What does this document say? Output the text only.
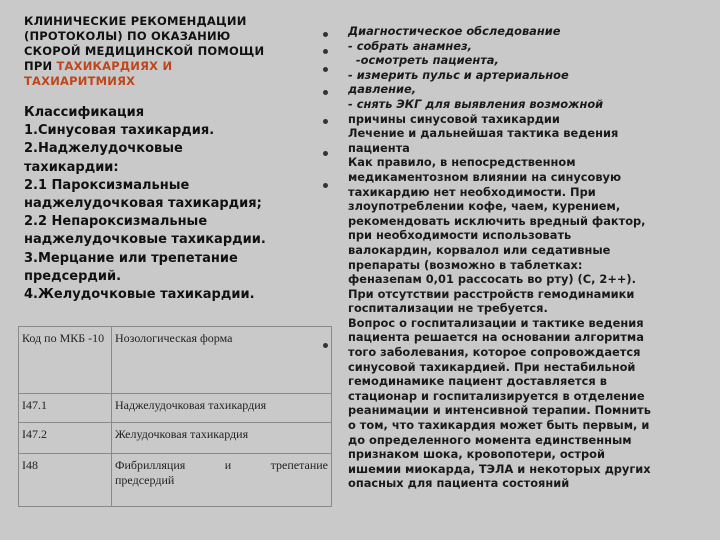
КЛИНИЧЕСКИЕ РЕКОМЕНДАЦИИ
(ПРОТОКОЛЫ) ПО ОКАЗАНИЮ
СКОРОЙ МЕДИЦИНСКОЙ ПОМОЩИ
ПРИ ТАХИКАРДИЯХ И
ТАХИАРИТМИЯХ
Классификация
1.Синусовая тахикардия.
2.Наджелудочковые
тахикардии:
2.1 Пароксизмальные
наджелудочковая тахикардия;
2.2 Непароксизмальные
наджелудочковые тахикардии.
3.Мерцание или трепетание
предсердий.
4.Желудочковые тахикардии.
Код по МКБ -10	Нозологическая форма
I47.1	Наджелудочковая тахикардия
I47.2	Желудочковая тахикардия
I48	Фибрилляция и трепетание
предсердий

Диагностическое обследование

- собрать анамнез,

-осмотреть пациента,

- измерить пульс и артериальное

давление,

- снять ЭКГ для выявления возможной

причины синусовой тахикардии

Лечение и дальнейшая тактика ведения

пациента

Как правило, в непосредственном

медикаментозном влиянии на синусовую

тахикардию нет необходимости. При

злоупотреблении кофе, чаем, курением,

рекомендовать исключить вредный фактор,

при необходимости использовать

валокардин, корвалол или седативные

препараты (возможно в таблетках:

феназепам 0,01 рассосать во рту) (С, 2++).

При отсутствии расстройств гемодинамики

госпитализации не требуется.

Вопрос о госпитализации и тактике ведения

пациента решается на основании алгоритма

того заболевания, которое сопровождается

синусовой тахикардией. При нестабильной

гемодинамике пациент доставляется в

стационар и госпитализируется в отделение

реанимации и интенсивной терапии. Помнить

о том, что тахикардия может быть первым, и

до определенного момента единственным

признаком шока, кровопотери, острой

ишемии миокарда, ТЭЛА и некоторых других

опасных для пациента состояний
